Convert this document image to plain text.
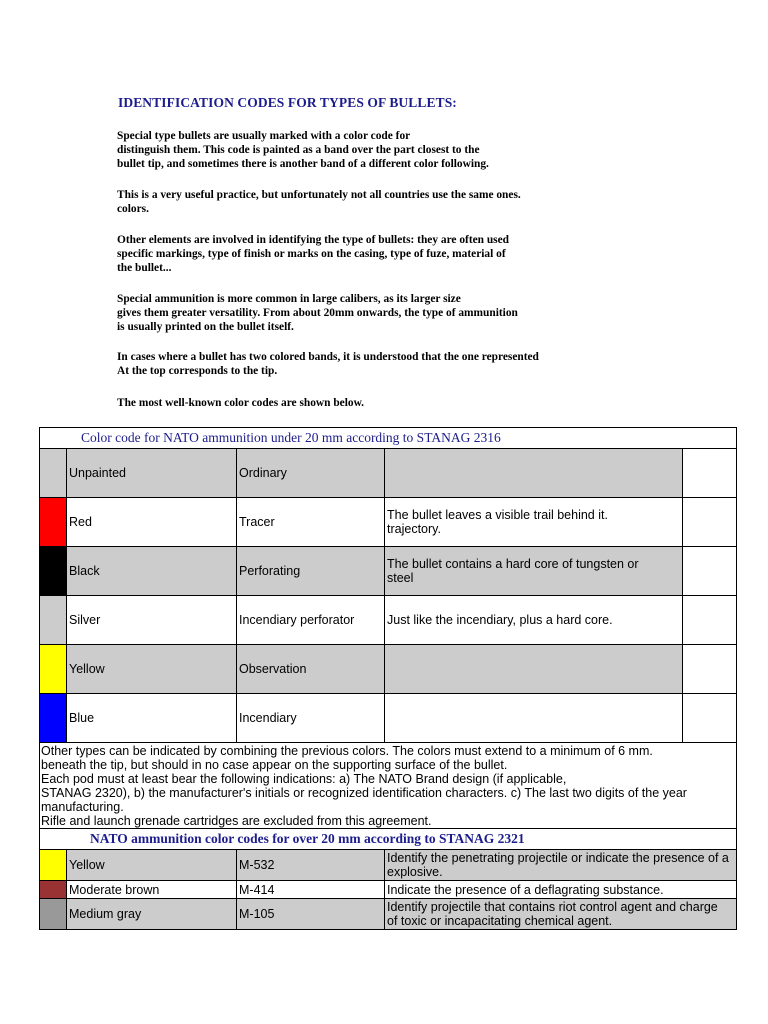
IDENTIFICATION CODES FOR TYPES OF BULLETS:
Special type bullets are usually marked with a color code for
distinguish them. This code is painted as a band over the part closest to the
bullet tip, and sometimes there is another band of a different color following.
This is a very useful practice, but unfortunately not all countries use the same ones.
colors.
Other elements are involved in identifying the type of bullets: they are often used
specific markings, type of finish or marks on the casing, type of fuze, material of
the bullet...
Special ammunition is more common in large calibers, as its larger size
gives them greater versatility. From about 20mm onwards, the type of ammunition
is usually printed on the bullet itself.
In cases where a bullet has two colored bands, it is understood that the one represented
At the top corresponds to the tip.
The most well-known color codes are shown below.
Color code for NATO ammunition under 20 mm according to STANAG 2316
Unpainted	Ordinary
Red	Tracer	The bullet leaves a visible trail behind it.
trajectory.
Black	Perforating	The bullet contains a hard core of tungsten or
steel
Silver	Incendiary perforator	Just like the incendiary, plus a hard core.
Yellow	Observation
Blue	Incendiary
Other types can be indicated by combining the previous colors. The colors must extend to a minimum of 6 mm.
beneath the tip, but should in no case appear on the supporting surface of the bullet.
Each pod must at least bear the following indications: a) The NATO Brand design (if applicable,
STANAG 2320), b) the manufacturer's initials or recognized identification characters. c) The last two digits of the year
manufacturing.
Rifle and launch grenade cartridges are excluded from this agreement.
NATO ammunition color codes for over 20 mm according to STANAG 2321
Yellow	M-532	Identify the penetrating projectile or indicate the presence of a
explosive.
Moderate brown	M-414	Indicate the presence of a deflagrating substance.
Medium gray	M-105	Identify projectile that contains riot control agent and charge
of toxic or incapacitating chemical agent.
